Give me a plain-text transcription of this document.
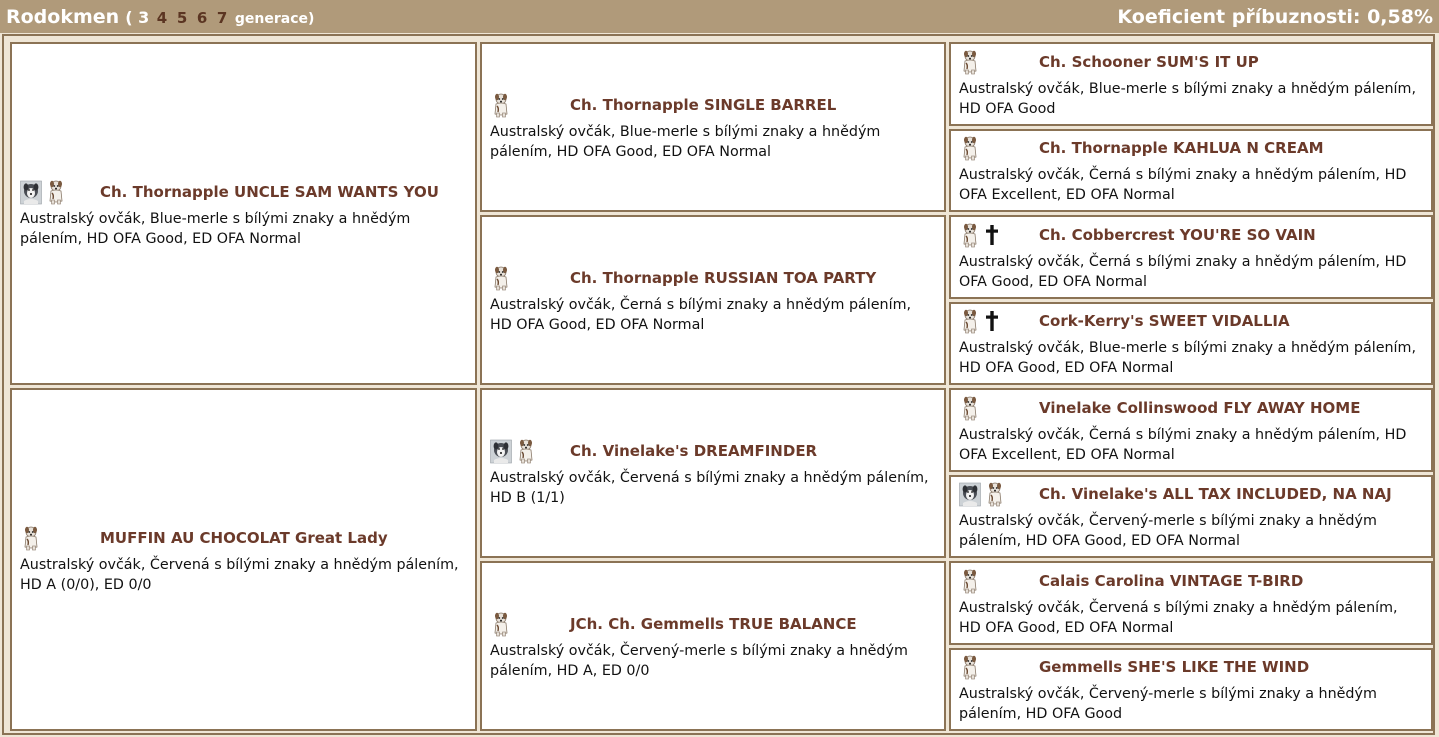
Rodokmen ( 3 4 5 6 7 generace)	Koeficient příbuznosti: 0,58%
Ch. Thornapple UNCLE SAM WANTS YOU
Australský ovčák, Blue-merle s bílými znaky a hnědým pálením, HD OFA Good, ED OFA Normal
MUFFIN AU CHOCOLAT Great Lady
Australský ovčák, Červená s bílými znaky a hnědým pálením, HD A (0/0), ED 0/0
Ch. Thornapple SINGLE BARREL
Australský ovčák, Blue-merle s bílými znaky a hnědým pálením, HD OFA Good, ED OFA Normal
Ch. Thornapple RUSSIAN TOA PARTY
Australský ovčák, Černá s bílými znaky a hnědým pálením, HD OFA Good, ED OFA Normal
Ch. Vinelake's DREAMFINDER
Australský ovčák, Červená s bílými znaky a hnědým pálením, HD B (1/1)
JCh. Ch. Gemmells TRUE BALANCE
Australský ovčák, Červený-merle s bílými znaky a hnědým pálením, HD A, ED 0/0
Ch. Schooner SUM'S IT UP
Australský ovčák, Blue-merle s bílými znaky a hnědým pálením, HD OFA Good
Ch. Thornapple KAHLUA N CREAM
Australský ovčák, Černá s bílými znaky a hnědým pálením, HD OFA Excellent, ED OFA Normal
Ch. Cobbercrest YOU'RE SO VAIN
Australský ovčák, Černá s bílými znaky a hnědým pálením, HD OFA Good, ED OFA Normal
Cork-Kerry's SWEET VIDALLIA
Australský ovčák, Blue-merle s bílými znaky a hnědým pálením, HD OFA Good, ED OFA Normal
Vinelake Collinswood FLY AWAY HOME
Australský ovčák, Černá s bílými znaky a hnědým pálením, HD OFA Excellent, ED OFA Normal
Ch. Vinelake's ALL TAX INCLUDED, NA NAJ
Australský ovčák, Červený-merle s bílými znaky a hnědým pálením, HD OFA Good, ED OFA Normal
Calais Carolina VINTAGE T-BIRD
Australský ovčák, Červená s bílými znaky a hnědým pálením, HD OFA Good, ED OFA Normal
Gemmells SHE'S LIKE THE WIND
Australský ovčák, Červený-merle s bílými znaky a hnědým pálením, HD OFA Good
